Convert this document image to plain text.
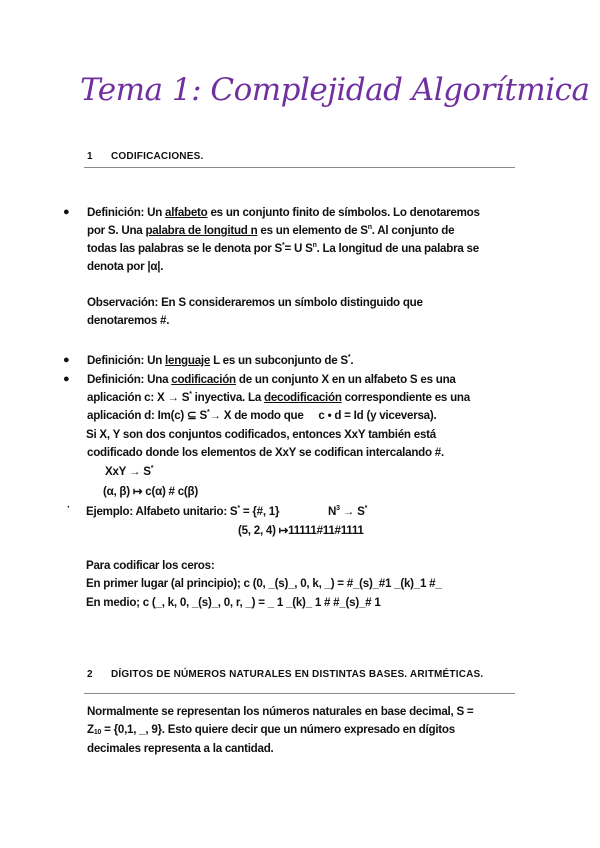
Tema 1: Complejidad Algorítmica
1 CODIFICACIONES.
● Definición: Un alfabeto es un conjunto finito de símbolos. Lo denotaremos
por S. Una palabra de longitud n es un elemento de $S^n$. Al conjunto de
todas las palabras se le denota por S*= U $S^n$. La longitud de una palabra se
denota por |α|.
Observación: En S consideraremos un símbolo distinguido que
denotaremos #.
● Definición: Un lenguaje L es un subconjunto de S*.
● Definición: Una codificación de un conjunto X en un alfabeto S es una
aplicación c: X → S* inyectiva. La decodificación correspondiente es una
aplicación d: Im(c) ⊆ S*→ X de modo que     c • d = Id (y viceversa).
Si X, Y son dos conjuntos codificados, entonces XxY también está
codificado donde los elementos de XxY se codifican intercalando #.
XxY → S*
(α, β) ↦ c(α) # c(β)
· Ejemplo: Alfabeto unitario: S* = {#, 1}	$N^3 \to S^*$
(5, 2, 4) ↦11111#11#1111
Para codificar los ceros:
En primer lugar (al principio); c (0, _(s)_, 0, k, _) = #_(s)_#1 _(k)_1 #_
En medio; c (_, k, 0, _(s)_, 0, r, _) = _ 1 _(k)_ 1 # #_(s)_# 1
2 DÍGITOS DE NÚMEROS NATURALES EN DISTINTAS BASES. ARITMÉTICAS.
Normalmente se representan los números naturales en base decimal, S =
$Z_{10} = \{0,1$, _, 9}. Esto quiere decir que un número expresado en dígitos
decimales representa a la cantidad.
